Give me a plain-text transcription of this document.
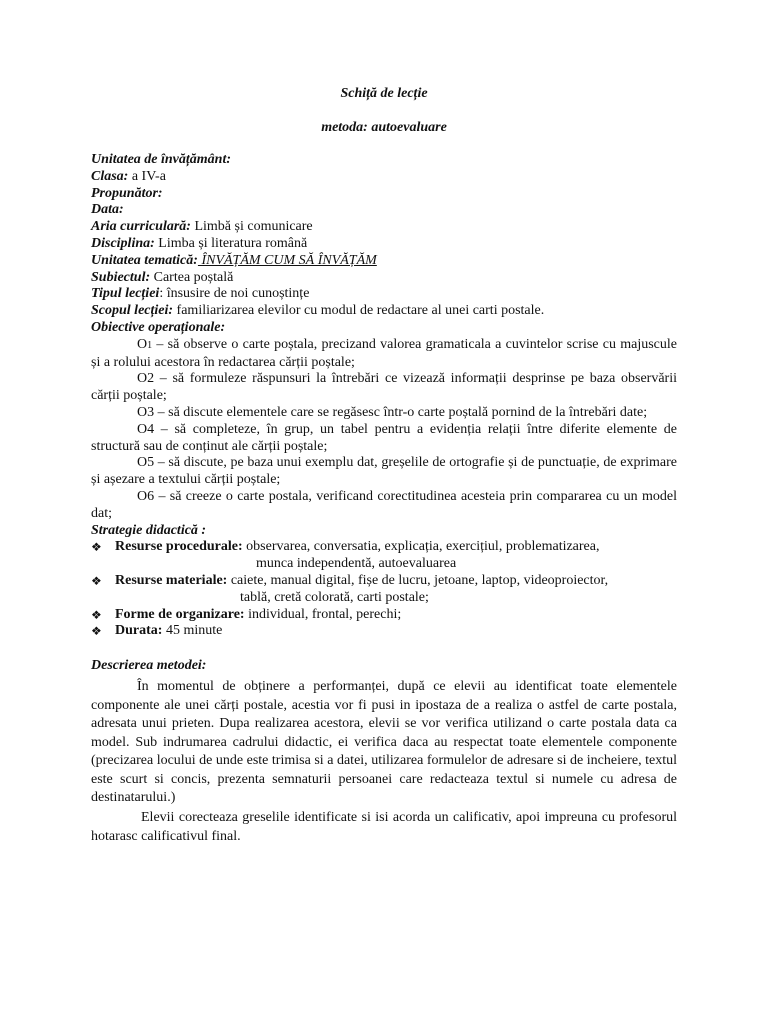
Schiță de lecție
metoda: autoevaluare
Unitatea de învățământ:
Clasa: a IV-a
Propunător:
Data:
Aria curriculară: Limbă și comunicare
Disciplina: Limba și literatura română
Unitatea tematică: ÎNVĂȚĂM CUM SĂ ÎNVĂȚĂM
Subiectul: Cartea poștală
Tipul lecției: însusire de noi cunoștințe
Scopul lecției: familiarizarea elevilor cu modul de redactare al unei carti postale.
Obiective operaționale:
O1 – să observe o carte poștala, precizand valorea gramaticala a cuvintelor scrise cu majuscule și a rolului acestora în redactarea cărții poștale;
O2 – să formuleze răspunsuri la întrebări ce vizează informații desprinse pe baza observării cărții poștale;
O3 – să discute elementele care se regăsesc într-o carte poștală pornind de la întrebări date;
O4 – să completeze, în grup, un tabel pentru a evidenția relații între diferite elemente de structură sau de conținut ale cărții poștale;
O5 – să discute, pe baza unui exemplu dat, greșelile de ortografie și de punctuație, de exprimare și așezare a textului cărții poștale;
O6 – să creeze o carte postala, verificand corectitudinea acesteia prin compararea cu un model dat;
Strategie didactică :
❖ Resurse procedurale: observarea, conversatia, explicația, exercițiul, problematizarea,
munca independentă, autoevaluarea
❖ Resurse materiale: caiete, manual digital, fișe de lucru, jetoane, laptop, videoproiector,
tablă, cretă colorată, carti postale;
❖ Forme de organizare: individual, frontal, perechi;
❖ Durata: 45 minute
Descrierea metodei:
În momentul de obținere a performanței, după ce elevii au identificat toate elementele componente ale unei cărți postale, acestia vor fi pusi in ipostaza de a realiza o astfel de carte postala, adresata unui prieten. Dupa realizarea acestora, elevii se vor verifica utilizand o carte postala data ca model. Sub indrumarea cadrului didactic, ei verifica daca au respectat toate elementele componente (precizarea locului de unde este trimisa si a datei, utilizarea formulelor de adresare si de incheiere, textul este scurt si concis, prezenta semnaturii persoanei care redacteaza textul si numele cu adresa de destinatarului.)
Elevii corecteaza greselile identificate si isi acorda un calificativ, apoi impreuna cu profesorul hotarasc calificativul final.
